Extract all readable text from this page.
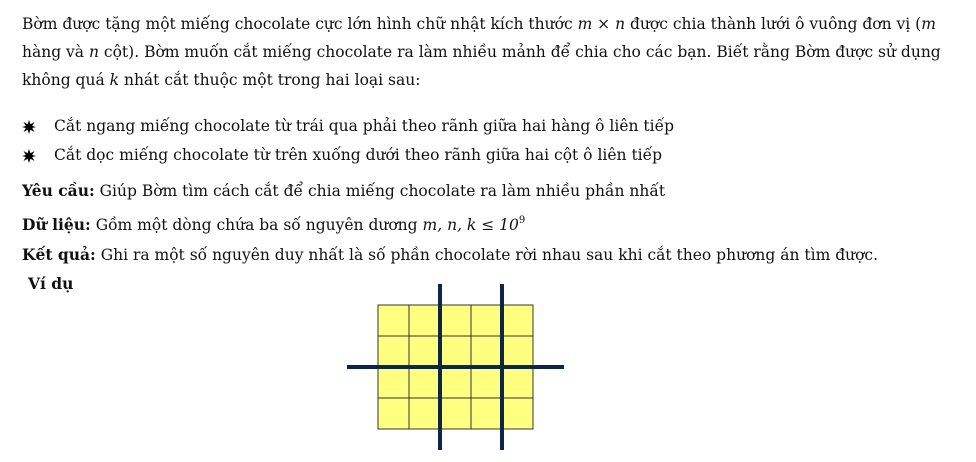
Bờm được tặng một miếng chocolate cực lớn hình chữ nhật kích thước m × n được chia thành lưới ô vuông đơn vị (m hàng và n cột). Bờm muốn cắt miếng chocolate ra làm nhiều mảnh để chia cho các bạn. Biết rằng Bờm được sử dụng không quá k nhát cắt thuộc một trong hai loại sau:

Cắt ngang miếng chocolate từ trái qua phải theo rãnh giữa hai hàng ô liên tiếp
Cắt dọc miếng chocolate từ trên xuống dưới theo rãnh giữa hai cột ô liên tiếp
Yêu cầu: Giúp Bờm tìm cách cắt để chia miếng chocolate ra làm nhiều phần nhất
Dữ liệu: Gồm một dòng chứa ba số nguyên dương m, n, $k \le 10^9$
Kết quả: Ghi ra một số nguyên duy nhất là số phần chocolate rời nhau sau khi cắt theo phương án tìm được.
Ví dụ
